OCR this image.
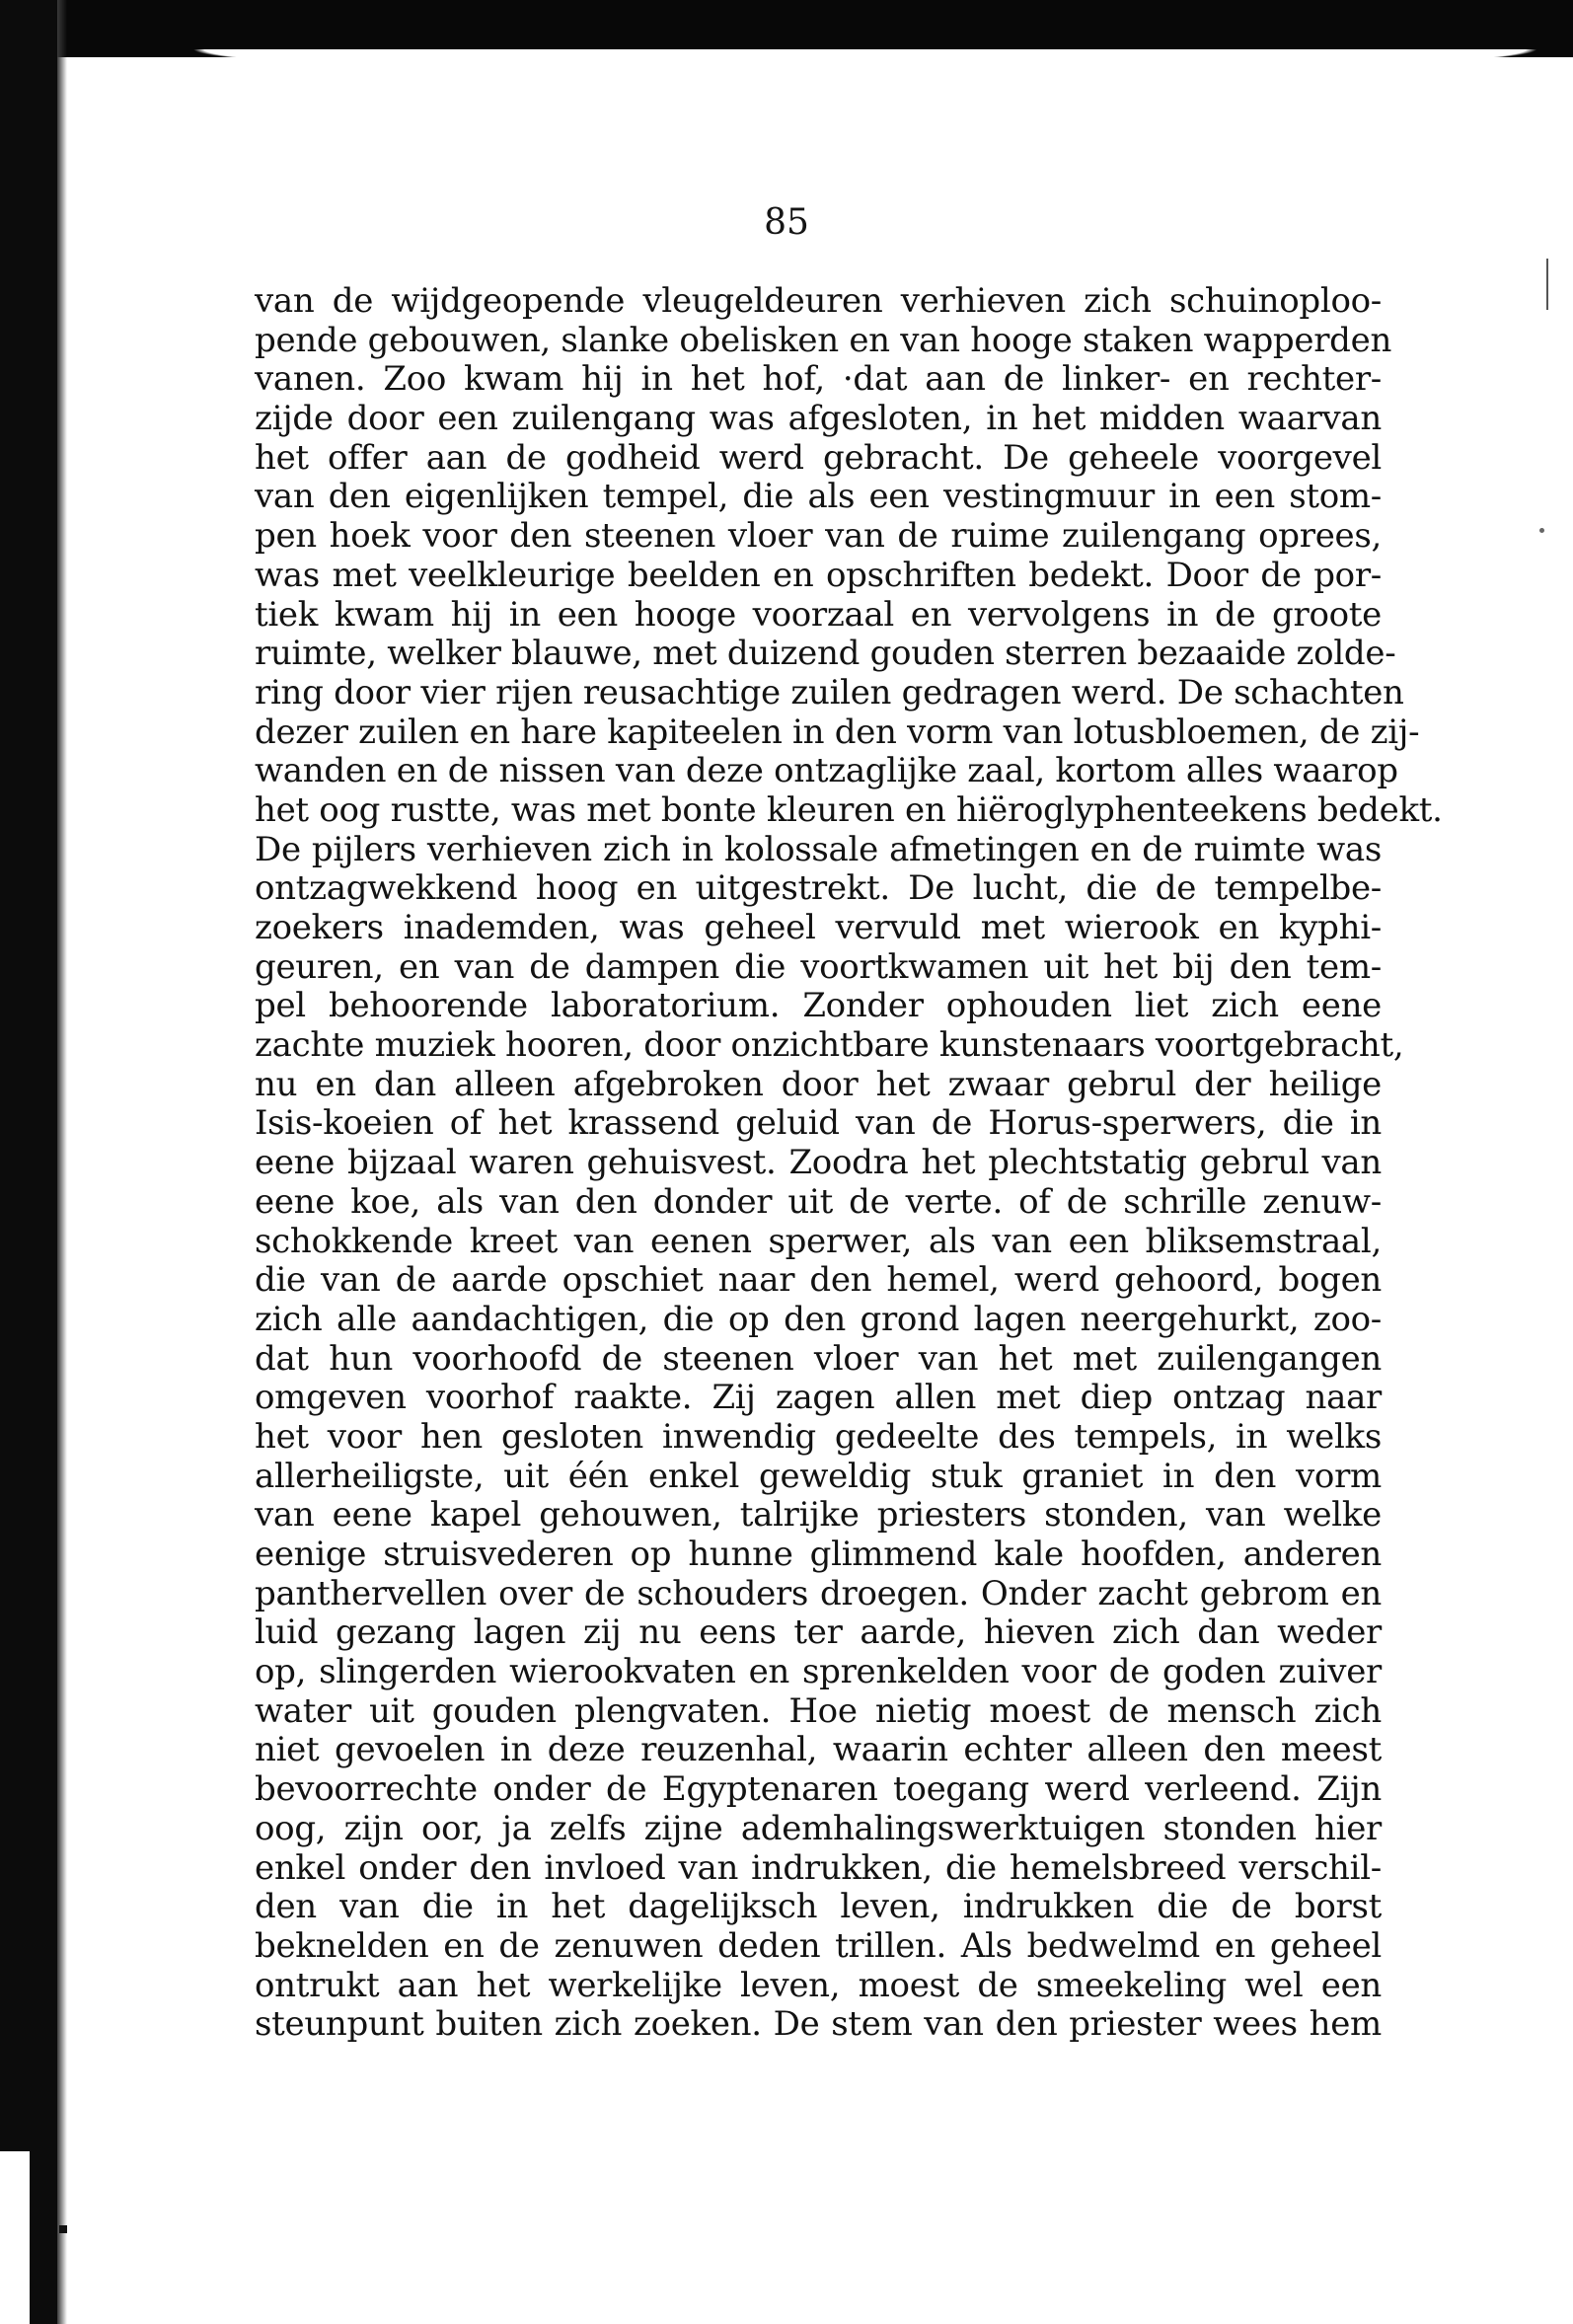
85
van de wijdgeopende vleugeldeuren verhieven zich schuinoploo-
pende gebouwen, slanke obelisken en van hooge staken wapperden
vanen. Zoo kwam hij in het hof, ·dat aan de linker- en rechter-
zijde door een zuilengang was afgesloten, in het midden waarvan
het offer aan de godheid werd gebracht. De geheele voorgevel
van den eigenlijken tempel, die als een vestingmuur in een stom-
pen hoek voor den steenen vloer van de ruime zuilengang oprees,
was met veelkleurige beelden en opschriften bedekt. Door de por-
tiek kwam hij in een hooge voorzaal en vervolgens in de groote
ruimte, welker blauwe, met duizend gouden sterren bezaaide zolde-
ring door vier rijen reusachtige zuilen gedragen werd. De schachten
dezer zuilen en hare kapiteelen in den vorm van lotusbloemen, de zij-
wanden en de nissen van deze ontzaglijke zaal, kortom alles waarop
het oog rustte, was met bonte kleuren en hiëroglyphenteekens bedekt.
De pijlers verhieven zich in kolossale afmetingen en de ruimte was
ontzagwekkend hoog en uitgestrekt. De lucht, die de tempelbe-
zoekers inademden, was geheel vervuld met wierook en kyphi-
geuren, en van de dampen die voortkwamen uit het bij den tem-
pel behoorende laboratorium. Zonder ophouden liet zich eene
zachte muziek hooren, door onzichtbare kunstenaars voortgebracht,
nu en dan alleen afgebroken door het zwaar gebrul der heilige
Isis-koeien of het krassend geluid van de Horus-sperwers, die in
eene bijzaal waren gehuisvest. Zoodra het plechtstatig gebrul van
eene koe, als van den donder uit de verte. of de schrille zenuw-
schokkende kreet van eenen sperwer, als van een bliksemstraal,
die van de aarde opschiet naar den hemel, werd gehoord, bogen
zich alle aandachtigen, die op den grond lagen neergehurkt, zoo-
dat hun voorhoofd de steenen vloer van het met zuilengangen
omgeven voorhof raakte. Zij zagen allen met diep ontzag naar
het voor hen gesloten inwendig gedeelte des tempels, in welks
allerheiligste, uit één enkel geweldig stuk graniet in den vorm
van eene kapel gehouwen, talrijke priesters stonden, van welke
eenige struisvederen op hunne glimmend kale hoofden, anderen
panthervellen over de schouders droegen. Onder zacht gebrom en
luid gezang lagen zij nu eens ter aarde, hieven zich dan weder
op, slingerden wierookvaten en sprenkelden voor de goden zuiver
water uit gouden plengvaten. Hoe nietig moest de mensch zich
niet gevoelen in deze reuzenhal, waarin echter alleen den meest
bevoorrechte onder de Egyptenaren toegang werd verleend. Zijn
oog, zijn oor, ja zelfs zijne ademhalingswerktuigen stonden hier
enkel onder den invloed van indrukken, die hemelsbreed verschil-
den van die in het dagelijksch leven, indrukken die de borst
beknelden en de zenuwen deden trillen. Als bedwelmd en geheel
ontrukt aan het werkelijke leven, moest de smeekeling wel een
steunpunt buiten zich zoeken. De stem van den priester wees hem
